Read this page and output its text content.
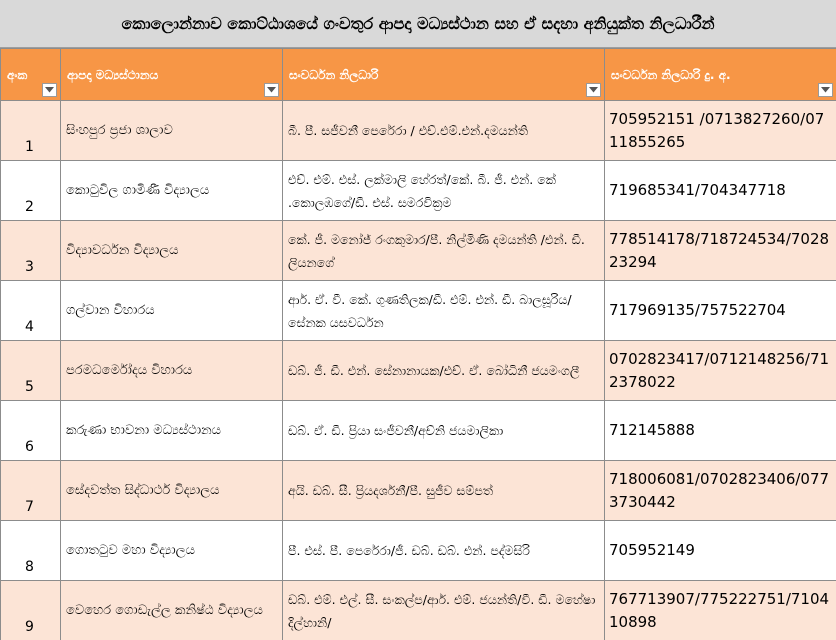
කොලොන්නාව කොට්ඨාශයේ ගංවතුර ආපදා මධ්‍යස්ථාන සහ ඒ සදහා අනියුක්ත නිලධාරීන්
අංක	ආපදා මධ්‍යස්ථානය	සංවර්ධන නිලධාරි	සංවර්ධන නිලධාරි දු. අ.

1	සිංහපුර ප්‍රජා ශාලාව	බී. පී. සජීවනී පෙරේරා / එච්.එම්.එන්.දමයන්ති	705952151 /0713827260/0711855265

2	කොටුවිල ගාමිණී විද්‍යාලය	එච්. එම්. එස්. ලක්මාලි හේරත්/කේ. බී. ජී. එන්. කේ .කොලඹගේ/ඩී. එස්. සමරවික්‍රම	719685341/704347718

3	විද්‍යාවර්ධන විද්‍යාලය	කේ. ජී. මනෝජ් රංගකුමාර/පී. නිල්මිණි දමයන්ති /එන්. ඩී. ලියනගේ	778514178/718724534/702823294

4	ගල්වාන විහාරය	ආර්. ඒ. වී. කේ. ගුණතිලක/ඩී. එම්. එන්. ඩී. බාලසූරිය/සේනක යසවර්ධන	717969135/757522704

5	පරමධර්මෝදය විහාරය	ඩබ්. ජී. ඩී. එන්. සේනානායක/එච්. ඒ. බෝධිනී ජයමංගලී	0702823417/0712148256/712378022

6	කරුණා භාවනා මධ්‍යස්ථානය	ඩබ්. ඒ. ඩී. ප්‍රියා සංජීවනී/අච්නි ජයමාලිකා	712145888

7	සේදවත්ත සිද්ධාර්ථ විද්‍යාලය	අයි. ඩබ්. සී. ප්‍රියදර්ශනී/පී. සුජීව සම්පත්	718006081/0702823406/0773730442

8	ගොතටුව මහා විද්‍යාලය	පී. එස්. පී. පෙරේරා/ජී. ඩබ්. ඩබ්. එන්. පද්මසිරි	705952149

9	වෙහෙර ගොඩැල්ල කනිෂ්ඨ විද්‍යාලය	ඩබ්. එම්. එල්. සී. සංකල්ප/ආර්. එම්. ජයන්ති/වී. ඩී. මහේෂා දිල්හානි/	767713907/775222751/710410898
